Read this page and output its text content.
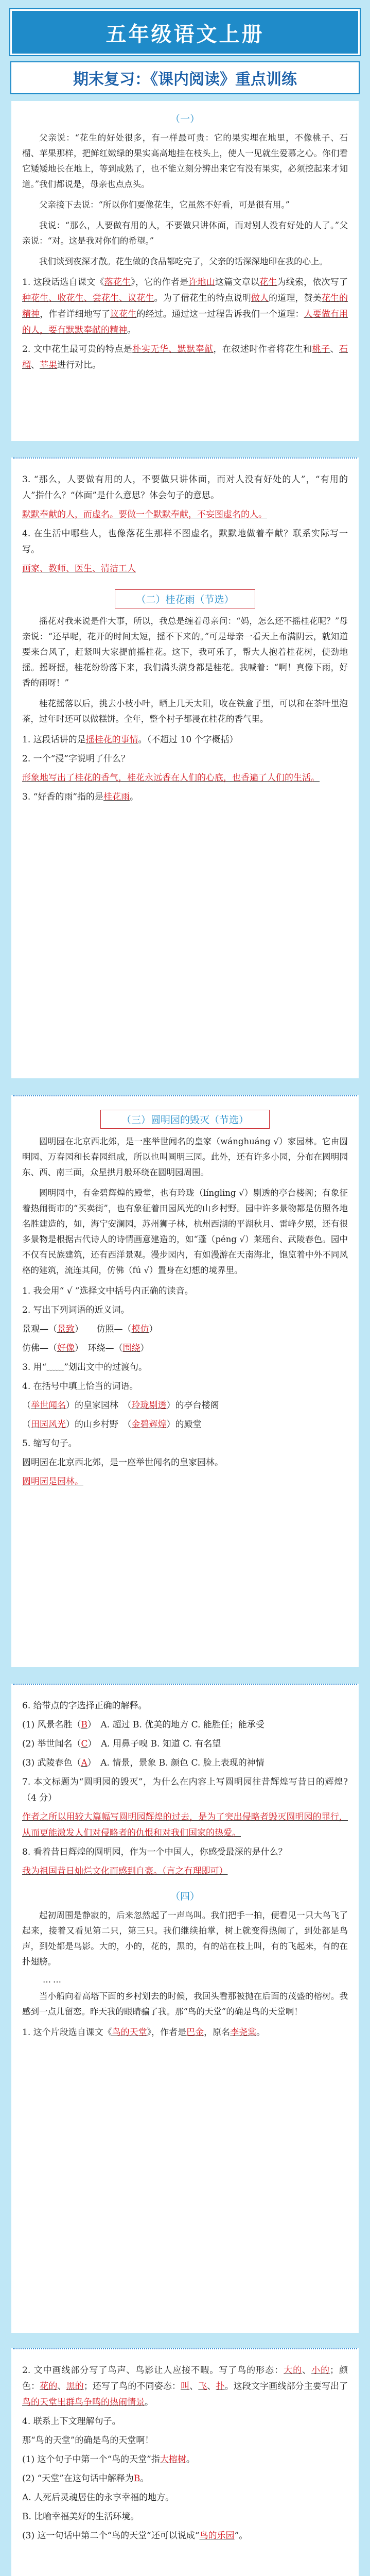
五年级语文上册
期末复习：《课内阅读》重点训练
（一）

父亲说：“花生的好处很多，有一样最可贵：它的果实埋在地里，不像桃子、石榴、苹果那样，把鲜红嫩绿的果实高高地挂在枝头上，使人一见就生爱慕之心。你们看它矮矮地长在地上，等到成熟了，也不能立刻分辨出来它有没有果实，必须挖起来才知道。”我们都说是，母亲也点点头。

父亲接下去说：“所以你们要像花生，它虽然不好看，可是很有用。”

我说：“那么，人要做有用的人，不要做只讲体面，而对别人没有好处的人了。”父亲说：“对。这是我对你们的希望。”

我们谈到夜深才散。花生做的食品都吃完了，父亲的话深深地印在我的心上。

1. 这段话选自课文《落花生》，它的作者是许地山这篇文章以花生为线索，依次写了种花生、收花生、尝花生、议花生。为了借花生的特点说明做人的道理，赞美花生的精神，作者详细地写了议花生的经过。通过这一过程告诉我们一个道理：人要做有用的人，要有默默奉献的精神。

2. 文中花生最可贵的特点是朴实无华、默默奉献，在叙述时作者将花生和桃子、石榴、苹果进行对比。

3. “那么，人要做有用的人，不要做只讲体面，而对人没有好处的人”，“有用的人”指什么？“体面”是什么意思？体会句子的意思。

默默奉献的人，而虚名。要做一个默默奉献，不妄图虚名的人。

4. 在生活中哪些人，也像落花生那样不图虚名，默默地做着奉献？联系实际写一写。

画家、教师、医生、清洁工人

（二）桂花雨（节选）

摇花对我来说是件大事，所以，我总是缠着母亲问：“妈，怎么还不摇桂花呢？”母亲说：“还早呢，花开的时间太短，摇不下来的。”可是母亲一看天上布满阴云，就知道要来台风了，赶紧叫大家提前摇桂花。这下，我可乐了，帮大人抱着桂花树，使劲地摇。摇呀摇，桂花纷纷落下来，我们满头满身都是桂花。我喊着：“啊！真像下雨，好香的雨呀！”

桂花摇落以后，挑去小枝小叶，晒上几天太阳，收在铁盒子里，可以和在茶叶里泡茶，过年时还可以做糕饼。全年，整个村子都浸在桂花的香气里。

1. 这段话讲的是摇桂花的事情。（不超过 10 个字概括）

2. 一个“浸”字说明了什么？

形象地写出了桂花的香气，桂花永远香在人们的心底，也香遍了人们的生活。

3. “好香的雨”指的是桂花雨。

（三）圆明园的毁灭（节选）

圆明园在北京西北郊，是一座举世闻名的皇家（wánghuáng √）家园林。它由圆明园、万春园和长春园组成，所以也叫圆明三园。此外，还有许多小园，分布在圆明园东、西、南三面，众星拱月般环绕在圆明园周围。

圆明园中，有金碧辉煌的殿堂，也有玲珑（língling √）剔透的亭台楼阁；有象征着热闹街市的“买卖街”，也有象征着田园风光的山乡村野。园中许多景物都是仿照各地名胜建造的，如，海宁安澜园，苏州狮子林，杭州西湖的平湖秋月、雷峰夕照，还有很多景物是根据古代诗人的诗情画意建造的，如“蓬（péng √）莱瑶台、武陵春色。园中不仅有民族建筑，还有西洋景观。漫步园内，有如漫游在天南海北，饱览着中外不同风格的建筑，流连其间，仿佛（fú √）置身在幻想的境界里。

1. 我会用“ √ ”选择文中括号内正确的读音。

2. 写出下列词语的近义词。

景观—（景致）　　仿照—（模仿）

仿佛—（好像）　环绕—（围绕）

3. 用“﹏﹏”划出文中的过渡句。

4. 在括号中填上恰当的词语。

（举世闻名）的皇家园林　（玲珑剔透）的亭台楼阁

（田园风光）的山乡村野　（金碧辉煌）的殿堂

5. 缩写句子。

圆明园在北京西北郊，是一座举世闻名的皇家园林。

圆明园是园林。

6. 给带点的字选择正确的解释。

(1) 风景名胜（B）　A. 超过 B. 优美的地方 C. 能胜任；能承受

(2) 举世闻名（C）　A. 用鼻子嗅 B. 知道 C. 有名望

(3) 武陵春色（A）　A. 情景，景象 B. 颜色 C. 脸上表现的神情

7. 本文标题为“圆明园的毁灭”，为什么在内容上写圆明园往昔辉煌写昔日的辉煌?（4 分）

作者之所以用较大篇幅写圆明园辉煌的过去，是为了突出侵略者毁灭圆明园的罪行，从而更能激发人们对侵略者的仇恨和对我们国家的热爱。

8. 看着昔日辉煌的圆明园，作为一个中国人，你感受最深的是什么？

我为祖国昔日灿烂文化而感到自豪。（言之有理即可）

（四）

起初周围是静寂的，后来忽然起了一声鸟叫。我们把手一拍，便看见一只大鸟飞了起来，接着又看见第二只，第三只。我们继续拍掌，树上就变得热闹了，到处都是鸟声，到处都是鸟影。大的，小的，花的，黑的，有的站在枝上叫，有的飞起来，有的在扑翅膀。

……

当小船向着高塔下面的乡村划去的时候，我回头看那被抛在后面的茂盛的榕树。我感到一点儿留恋。昨天我的眼睛骗了我。那“鸟的天堂”的确是鸟的天堂啊！

1. 这个片段选自课文《鸟的天堂》，作者是巴金，原名李尧棠。

2. 文中画线部分写了鸟声、鸟影让人应接不暇。写了鸟的形态：大的、小的；颜色：花的、黑的；还写了鸟的不同姿态：叫、飞、扑。这段文字画线部分主要写出了鸟的天堂里群鸟争鸣的热闹情景。

4. 联系上下文理解句子。

那“鸟的天堂”的确是鸟的天堂啊！

(1) 这个句子中第一个“鸟的天堂”指大榕树。

(2) “天堂”在这句话中解释为B。

A. 人死后灵魂居住的永享幸福的地方。

B. 比喻幸福美好的生活环境。

(3) 这一句话中第二个“鸟的天堂”还可以说成“鸟的乐园”。
